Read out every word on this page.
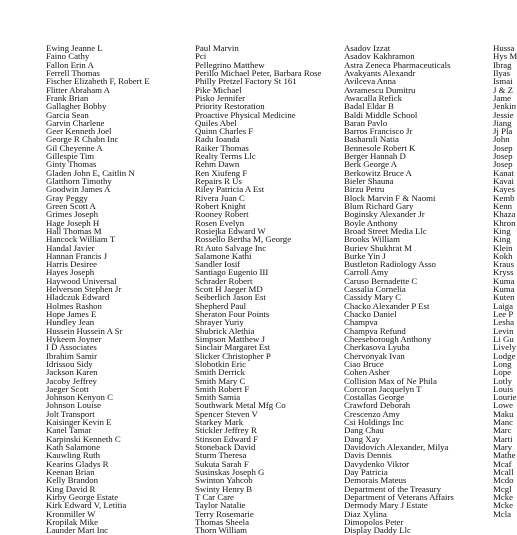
Ewing Jeanne L
Faino Cathy
Fallon Erin A
Ferrell Thomas
Fischer Elizabeth F, Robert E
Flitter Abraham A
Frank Brian
Gallagher Bobby
Garcia Sean
Garvin Charlene
Geer Kenneth Joel
George R Chabn Inc
Gil Cheyenne A
Gillespie Tim
Ginty Thomas
Gladen John E, Caitlin N
Glatthorn Timothy
Goodwin James A
Gray Peggy
Green Scott A
Grimes Joseph
Hage Joseph H
Hall Thomas M
Hancock William T
Handal Javier
Hannan Francis J
Harris Desiree
Hayes Joseph
Haywood Universal
Helverson Stephen Jr
Hladczuk Edward
Holmes Rashon
Hope James E
Hundley Jean
Hussein Hussein A Sr
Hykeem Joyner
I D Associates
Ibrahim Samir
Idrissou Sidy
Jackson Karen
Jacoby Jeffrey
Jaeger Scott
Johnson Kenyon C
Johnson Louise
Jolt Transport
Kaisinger Kevin E
Kanel Tamar
Karpinski Kenneth C
Kath Salamone
Kauwling Ruth
Kearins Gladys R
Keenan Brian
Kelly Brandon
King David R
Kirby George Estate
Kirk Edward V, Letitia
Kronmiller W
Kropilak Mike
Launder Mart Inc
Paul Marvin
Pci
Pellegrino Matthew
Perillo Michael Peter, Barbara Rose
Philly Pretzel Factory St 161
Pike Michael
Pisko Jennifer
Priority Restoration
Proactive Physical Medicine
Quiles Abel
Quinn Charles F
Radu Ioanda
Raiker Thomas
Realty Terms Llc
Rehm Dawn
Ren Xiufeng F
Repairs R Us
Riley Patricia A Est
Rivera Juan C
Robert Knight
Rooney Robert
Rosen Evelyn
Rosiejka Edward W
Rossello Bertha M, George
Rt Auto Salvage Inc
Salamone Kathi
Sandler Iosif
Santiago Eugenio III
Schrader Robert
Scott H Jaeger MD
Seiberlich Jason Est
Shepherd Paul
Sheraton Four Points
Shrayer Yuriy
Shubrick Alethia
Simpson Matthew J
Sinclair Margaret Est
Slicker Christopher P
Slobotkin Eric
Smith Derrick
Smith Mary C
Smith Robert F
Smith Samia
Southwark Metal Mfg Co
Spencer Steven V
Starkey Mark
Stickler Jeffrey R
Stinson Edward F
Stoneback David
Sturm Theresa
Sukuta Sarah F
Susinskas Joseph G
Swinton Yahcob
Swinty Henry B
T Car Care
Taylor Natalie
Terry Rosemarie
Thomas Sheela
Thorn William
Asadov Izzat
Asadov Kakhramon
Astra Zeneca Pharmaceuticals
Avakyants Alexandr
Avilceva Anna
Avramescu Dumitru
Awacalla Refick
Badal Eldar B
Baldi Middle School
Baran Pavlo
Barros Francisco Jr
Basharuli Natia
Bennesole Robert K
Berger Hannah D
Berk George A
Berkowitz Bruce A
Bieler Shauna
Birzu Petru
Block Marvin F & Naomi
Blum Richard Gary
Boginsky Alexander Jr
Boyle Anthony
Broad Street Media Llc
Brooks William
Buriev Shukhrat M
Burke Yin J
Bustleton Radiology Asso
Carroll Amy
Caruso Bernadette C
Cassalia Cornelia
Cassidy Mary C
Chacko Alexander P Est
Chacko Daniel
Champva
Champva Refund
Cheeseborough Anthony
Cherkasova Lyuba
Chervonyak Ivan
Ciao Bruce
Cohen Asher
Collision Max of Ne Phila
Corcoran Jacquelyn T
Costallas George
Crawford Deborah
Crescenzo Amy
Csi Holdings Inc
Dang Chau
Dang Xay
Davidovich Alexander, Milya
Davis Dennis
Davydenko Viktor
Day Patricia
Demorais Mateus
Department of the Treasury
Department of Veterans Affairs
Dermody Mary J Estate
Diaz Xylina
Dimopolos Peter
Display Daddy Llc
Hussa
Hys M
Ibrag
Ilyas
Ismai
J & Z
Jame
Jenkin
Jessie
Jiang
Jj Pla
John
Josep
Josep
Josep
Kanat
Kavai
Kayes
Kemb
Kenn
Khaza
Khron
King
King
Klein
Kokh
Kraus
Kryss
Kuma
Kuma
Kuten
Laiga
Lee P
Lesha
Levin
Li Gu
Lively
Lodge
Long
Lope
Lotly
Louis
Lourie
Lowe
Maku
Manc
Marc
Marti
Mary
Mathe
Mcaf
Mcall
Mcdo
Mcgl
Mcke
Mcke
Mcla
